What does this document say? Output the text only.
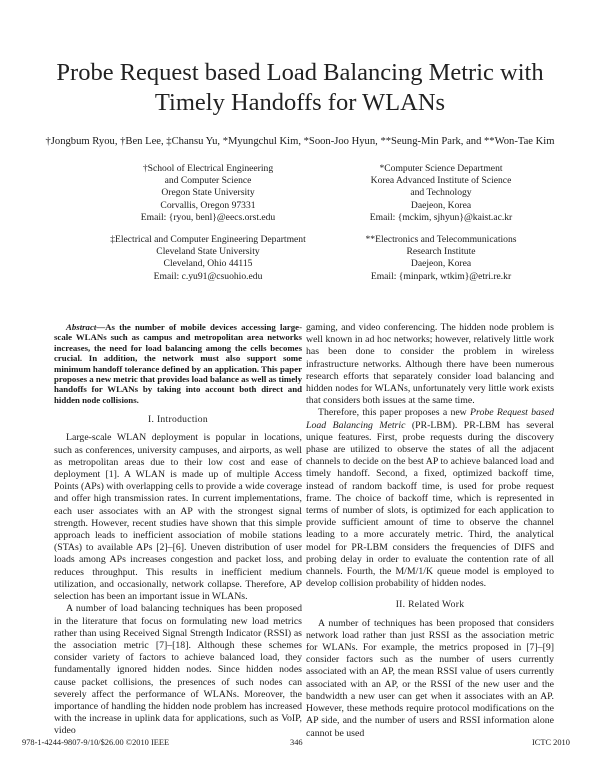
Probe Request based Load Balancing Metric with
Timely Handoffs for WLANs
†Jongbum Ryou, †Ben Lee, ‡Chansu Yu, *Myungchul Kim, *Soon-Joo Hyun, **Seung-Min Park, and **Won-Tae Kim
†School of Electrical Engineering
and Computer Science
Oregon State University
Corvallis, Oregon 97331
Email: {ryou, benl}@eecs.orst.edu
*Computer Science Department
Korea Advanced Institute of Science
and Technology
Daejeon, Korea
Email: {mckim, sjhyun}@kaist.ac.kr
‡Electrical and Computer Engineering Department
Cleveland State University
Cleveland, Ohio 44115
Email: c.yu91@csuohio.edu
**Electronics and Telecommunications
Research Institute
Daejeon, Korea
Email: {minpark, wtkim}@etri.re.kr

Abstract—As the number of mobile devices accessing large-scale WLANs such as campus and metropolitan area networks increases, the need for load balancing among the cells becomes crucial. In addition, the network must also support some minimum handoff tolerance defined by an application. This paper proposes a new metric that provides load balance as well as timely handoffs for WLANs by taking into account both direct and hidden node collisions.

I. Introduction

Large-scale WLAN deployment is popular in locations, such as conferences, university campuses, and airports, as well as metropolitan areas due to their low cost and ease of deployment [1]. A WLAN is made up of multiple Access Points (APs) with overlapping cells to provide a wide coverage and offer high transmission rates. In current implementations, each user associates with an AP with the strongest signal strength. However, recent studies have shown that this simple approach leads to inefficient association of mobile stations (STAs) to available APs [2]–[6]. Uneven distribution of user loads among APs increases congestion and packet loss, and reduces throughput. This results in inefficient medium utilization, and occasionally, network collapse. Therefore, AP selection has been an important issue in WLANs.

A number of load balancing techniques has been proposed in the literature that focus on formulating new load metrics rather than using Received Signal Strength Indicator (RSSI) as the association metric [7]–[18]. Although these schemes consider variety of factors to achieve balanced load, they fundamentally ignored hidden nodes. Since hidden nodes cause packet collisions, the presences of such nodes can severely affect the performance of WLANs. Moreover, the importance of handling the hidden node problem has increased with the increase in uplink data for applications, such as VoIP, video

gaming, and video conferencing. The hidden node problem is well known in ad hoc networks; however, relatively little work has been done to consider the problem in wireless infrastructure networks. Although there have been numerous research efforts that separately consider load balancing and hidden nodes for WLANs, unfortunately very little work exists that considers both issues at the same time.

Therefore, this paper proposes a new Probe Request based Load Balancing Metric (PR-LBM). PR-LBM has several unique features. First, probe requests during the discovery phase are utilized to observe the states of all the adjacent channels to decide on the best AP to achieve balanced load and timely handoff. Second, a fixed, optimized backoff time, instead of random backoff time, is used for probe request frame. The choice of backoff time, which is represented in terms of number of slots, is optimized for each application to provide sufficient amount of time to observe the channel leading to a more accurately metric. Third, the analytical model for PR-LBM considers the frequencies of DIFS and probing delay in order to evaluate the contention rate of all channels. Fourth, the M/M/1/K queue model is employed to develop collision probability of hidden nodes.

II. Related Work

A number of techniques has been proposed that considers network load rather than just RSSI as the association metric for WLANs. For example, the metrics proposed in [7]–[9] consider factors such as the number of users currently associated with an AP, the mean RSSI value of users currently associated with an AP, or the RSSI of the new user and the bandwidth a new user can get when it associates with an AP. However, these methods require protocol modifications on the AP side, and the number of users and RSSI information alone cannot be used

978-1-4244-9807-9/10/$26.00 ©2010 IEEE	346	ICTC 2010
